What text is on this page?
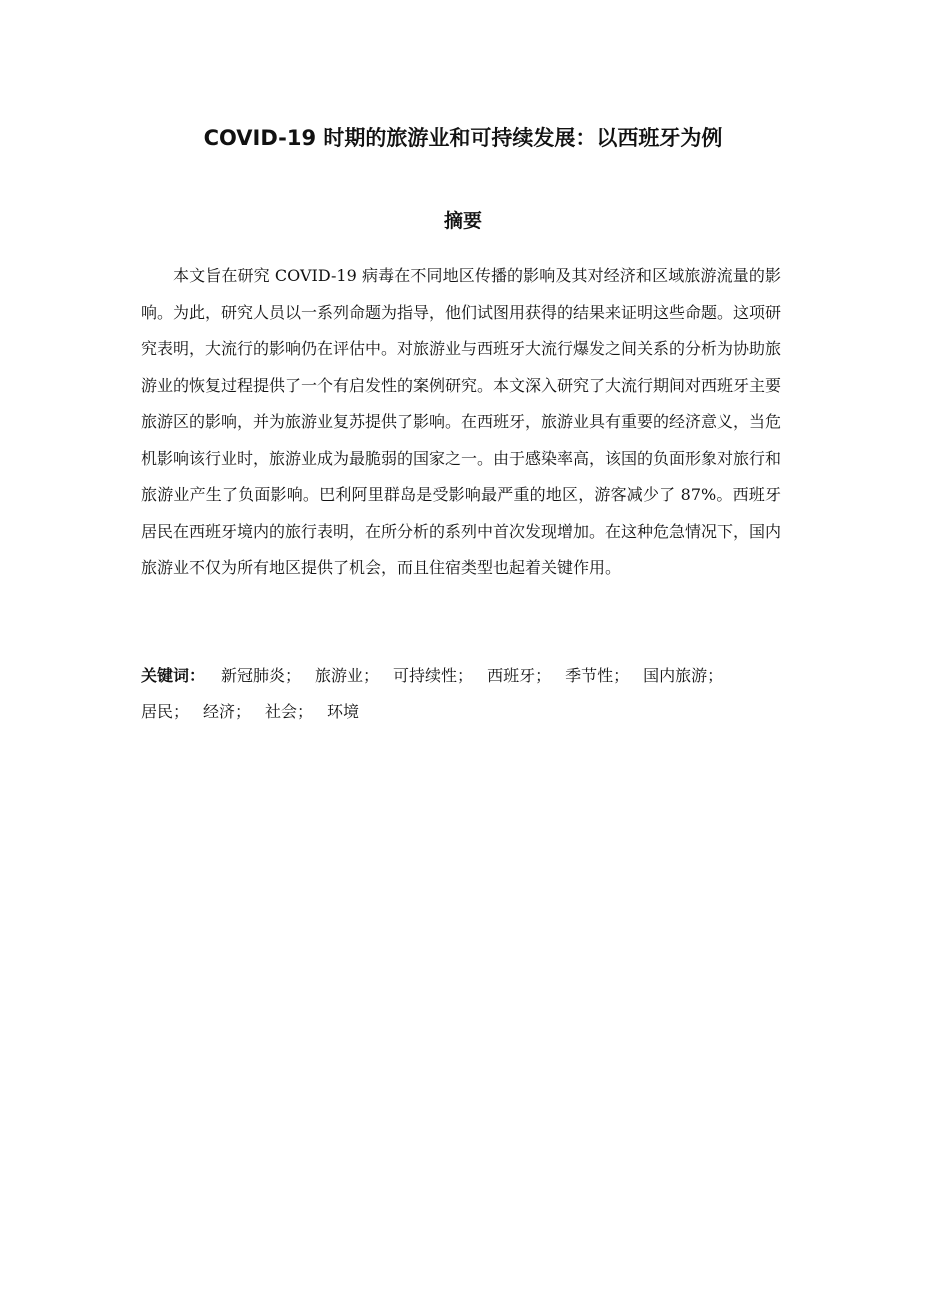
COVID-19 时期的旅游业和可持续发展：以西班牙为例
摘要

本文旨在研究 COVID-19 病毒在不同地区传播的影响及其对经济和区域旅游流量的影响。为此，研究人员以一系列命题为指导，他们试图用获得的结果来证明这些命题。这项研究表明，大流行的影响仍在评估中。对旅游业与西班牙大流行爆发之间关系的分析为协助旅游业的恢复过程提供了一个有启发性的案例研究。本文深入研究了大流行期间对西班牙主要旅游区的影响，并为旅游业复苏提供了影响。在西班牙，旅游业具有重要的经济意义，当危机影响该行业时，旅游业成为最脆弱的国家之一。由于感染率高，该国的负面形象对旅行和旅游业产生了负面影响。巴利阿里群岛是受影响最严重的地区，游客减少了 87%。西班牙居民在西班牙境内的旅行表明，在所分析的系列中首次发现增加。在这种危急情况下，国内旅游业不仅为所有地区提供了机会，而且住宿类型也起着关键作用。

关键词： 新冠肺炎； 旅游业； 可持续性； 西班牙； 季节性； 国内旅游；居民； 经济； 社会； 环境
